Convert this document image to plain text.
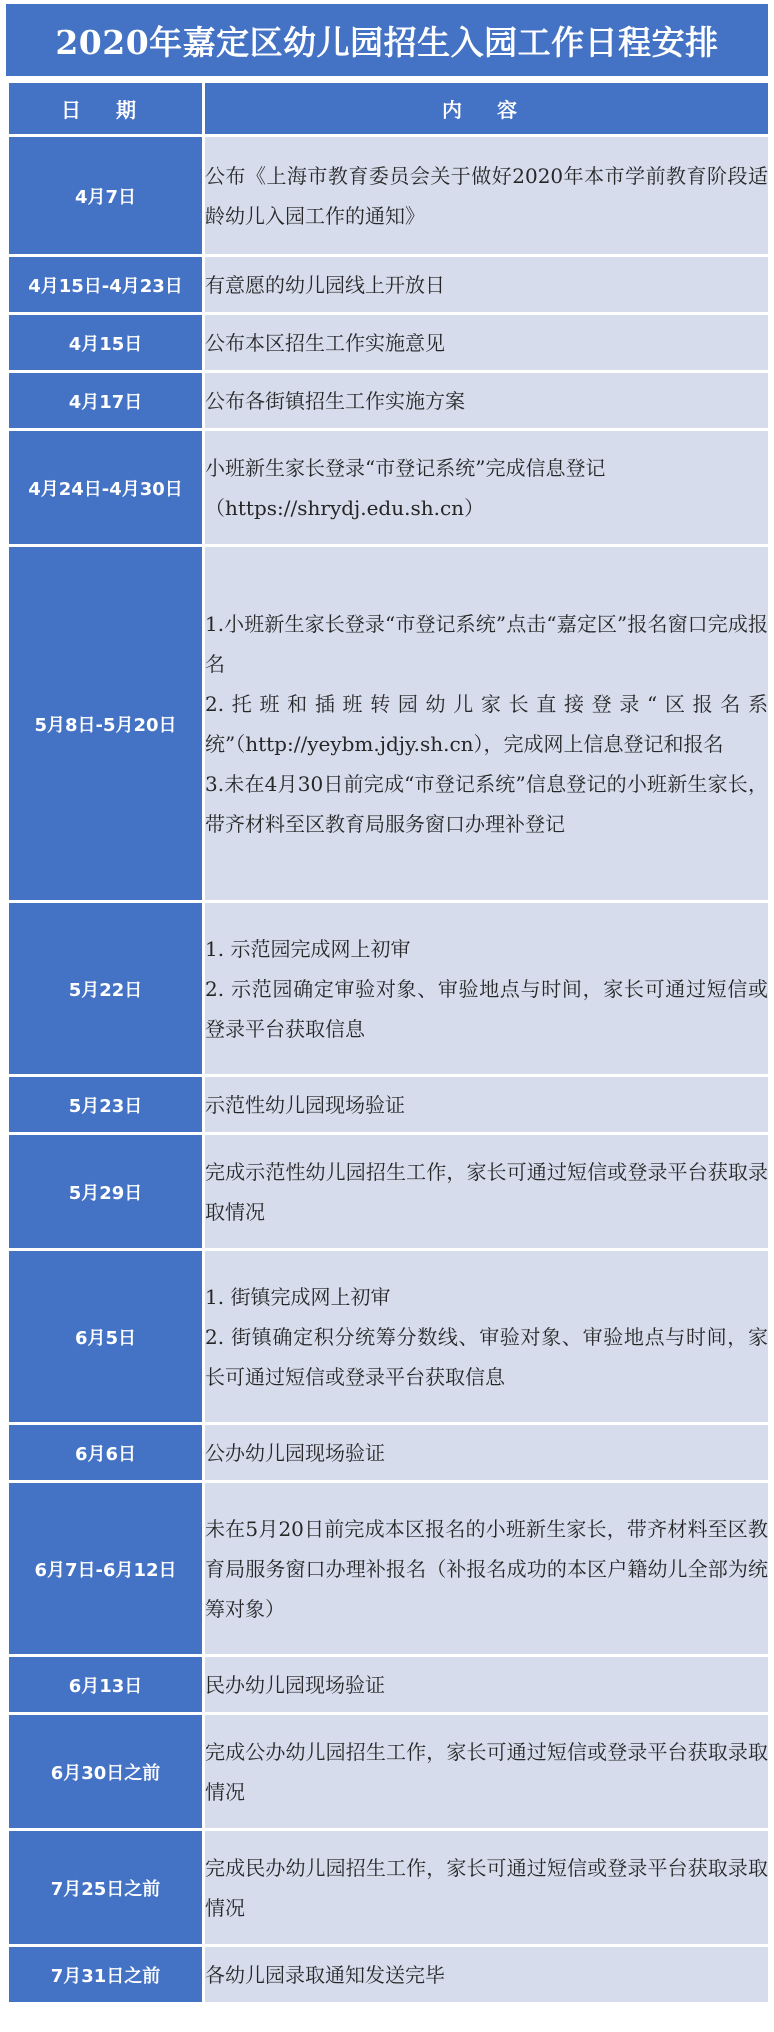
2020年嘉定区幼儿园招生入园工作日程安排
日 期	内 容
4月7日	公布《上海市教育委员会关于做好2020年本市学前教育阶段适龄幼儿入园工作的通知》

4月15日-4月23日	有意愿的幼儿园线上开放日

4月15日	公布本区招生工作实施意见

4月17日	公布各街镇招生工作实施方案

4月24日-4月30日	小班新生家长登录“市登记系统”完成信息登记
（https://shrydj.edu.sh.cn）

5月8日-5月20日	1.小班新生家长登录“市登记系统”点击“嘉定区”报名窗口完成报名
2.托班和插班转园幼儿家长直接登录“区报名系统”（http://yeybm.jdjy.sh.cn），完成网上信息登记和报名
3.未在4月30日前完成“市登记系统”信息登记的小班新生家长，带齐材料至区教育局服务窗口办理补登记

5月22日	1. 示范园完成网上初审
2. 示范园确定审验对象、审验地点与时间，家长可通过短信或登录平台获取信息

5月23日	示范性幼儿园现场验证

5月29日	完成示范性幼儿园招生工作，家长可通过短信或登录平台获取录取情况

6月5日	1. 街镇完成网上初审
2. 街镇确定积分统筹分数线、审验对象、审验地点与时间，家长可通过短信或登录平台获取信息

6月6日	公办幼儿园现场验证

6月7日-6月12日	未在5月20日前完成本区报名的小班新生家长，带齐材料至区教育局服务窗口办理补报名（补报名成功的本区户籍幼儿全部为统筹对象）

6月13日	民办幼儿园现场验证

6月30日之前	完成公办幼儿园招生工作，家长可通过短信或登录平台获取录取情况

7月25日之前	完成民办幼儿园招生工作，家长可通过短信或登录平台获取录取情况

7月31日之前	各幼儿园录取通知发送完毕
